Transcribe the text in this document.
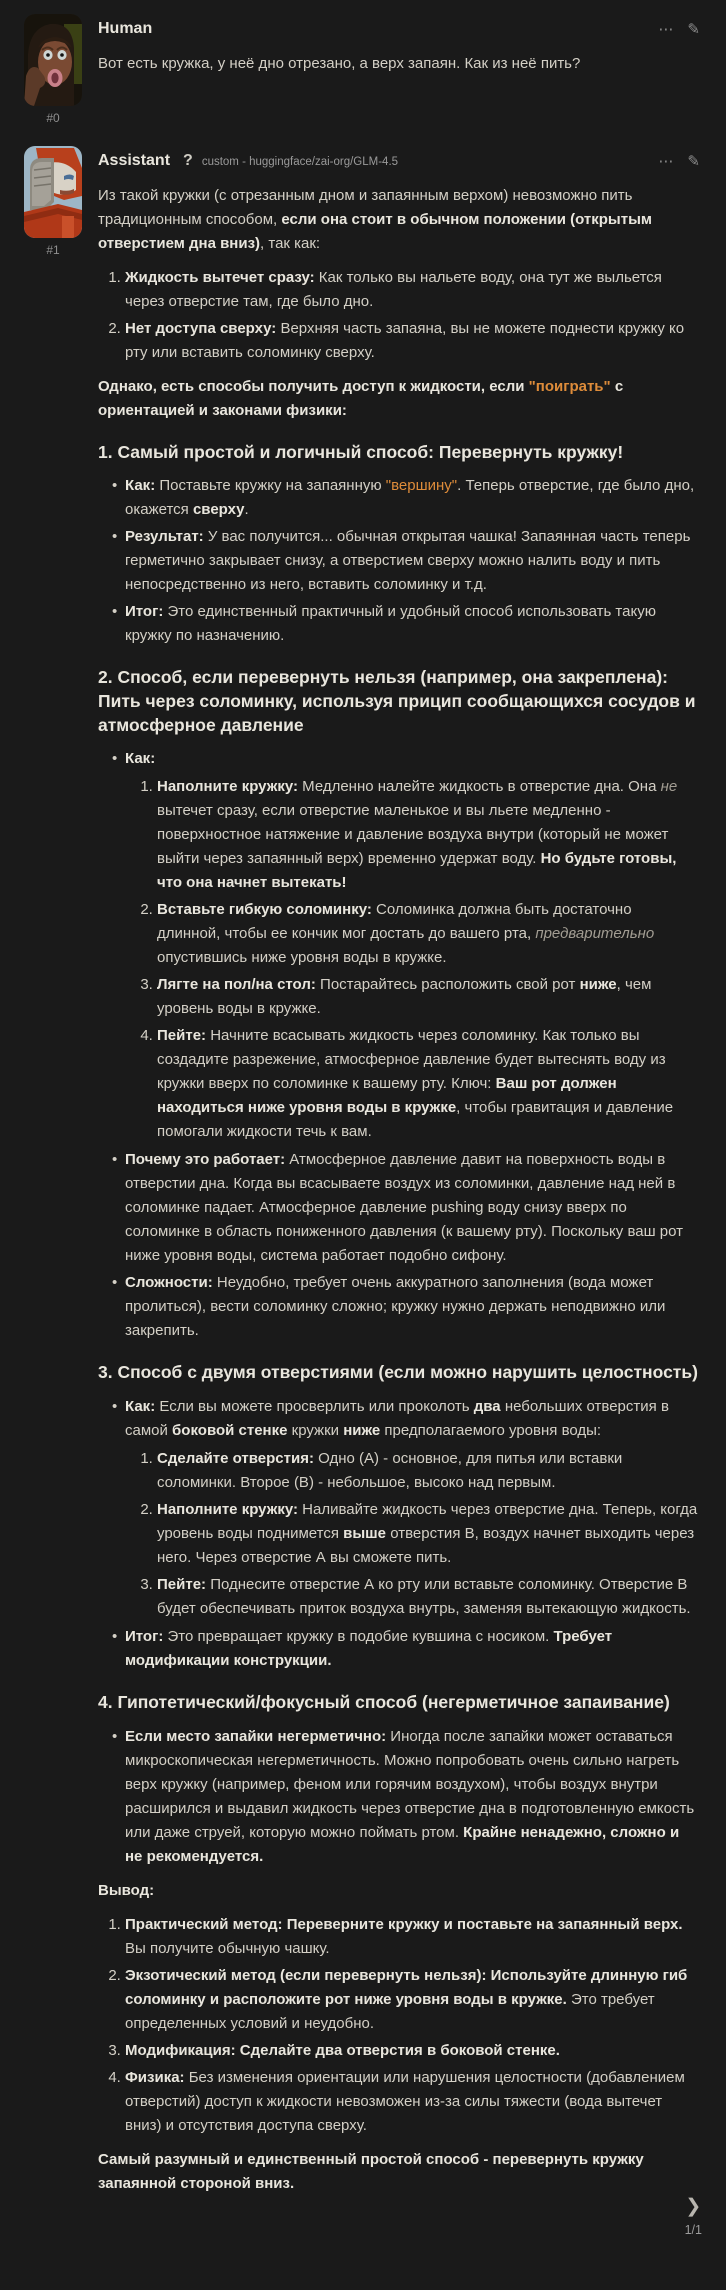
#0
Human

Вот есть кружка, у неё дно отрезано, а верх запаян. Как из неё пить?

⋯ ✎
#1
Assistant ? custom - huggingface/zai-org/GLM-4.5

Из такой кружки (с отрезанным дном и запаянным верхом) невозможно пить традиционным способом, если она стоит в обычном положении (открытым отверстием дна вниз), так как:

1. Жидкость вытечет сразу: Как только вы нальете воду, она тут же выльется через отверстие там, где было дно.
2. Нет доступа сверху: Верхняя часть запаяна, вы не можете поднести кружку ко рту или вставить соломинку сверху.

Однако, есть способы получить доступ к жидкости, если "поиграть" с ориентацией и законами физики:

1. Самый простой и логичный способ: Перевернуть кружку!
• Как: Поставьте кружку на запаянную "вершину". Теперь отверстие, где было дно, окажется сверху.
• Результат: У вас получится... обычная открытая чашка! Запаянная часть теперь герметично закрывает снизу, а отверстием сверху можно налить воду и пить непосредственно из него, вставить соломинку и т.д.
• Итог: Это единственный практичный и удобный способ использовать такую кружку по назначению.
2. Способ, если перевернуть нельзя (например, она закреплена): Пить через соломинку, используя прицип сообщающихся сосудов и атмосферное давление
• Как:
1. Наполните кружку: Медленно налейте жидкость в отверстие дна. Она не вытечет сразу, если отверстие маленькое и вы льете медленно - поверхностное натяжение и давление воздуха внутри (который не может выйти через запаянный верх) временно удержат воду. Но будьте готовы, что она начнет вытекать!
2. Вставьте гибкую соломинку: Соломинка должна быть достаточно длинной, чтобы ее кончик мог достать до вашего рта, предварительно опустившись ниже уровня воды в кружке.
3. Лягте на пол/на стол: Постарайтесь расположить свой рот ниже, чем уровень воды в кружке.
4. Пейте: Начните всасывать жидкость через соломинку. Как только вы создадите разрежение, атмосферное давление будет вытеснять воду из кружки вверх по соломинке к вашему рту. Ключ: Ваш рот должен находиться ниже уровня воды в кружке, чтобы гравитация и давление помогали жидкости течь к вам.
• Почему это работает: Атмосферное давление давит на поверхность воды в отверстии дна. Когда вы всасываете воздух из соломинки, давление над ней в соломинке падает. Атмосферное давление pushing воду снизу вверх по соломинке в область пониженного давления (к вашему рту). Поскольку ваш рот ниже уровня воды, система работает подобно сифону.
• Сложности: Неудобно, требует очень аккуратного заполнения (вода может пролиться), вести соломинку сложно; кружку нужно держать неподвижно или закрепить.
3. Способ с двумя отверстиями (если можно нарушить целостность)
• Как: Если вы можете просверлить или проколоть два небольших отверстия в самой боковой стенке кружки ниже предполагаемого уровня воды:
1. Сделайте отверстия: Одно (А) - основное, для питья или вставки соломинки. Второе (В) - небольшое, высоко над первым.
2. Наполните кружку: Наливайте жидкость через отверстие дна. Теперь, когда уровень воды поднимется выше отверстия В, воздух начнет выходить через него. Через отверстие А вы сможете пить.
3. Пейте: Поднесите отверстие А ко рту или вставьте соломинку. Отверстие В будет обеспечивать приток воздуха внутрь, заменяя вытекающую жидкость.
• Итог: Это превращает кружку в подобие кувшина с носиком. Требует модификации конструкции.
4. Гипотетический/фокусный способ (негерметичное запаивание)
• Если место запайки негерметично: Иногда после запайки может оставаться микроскопическая негерметичность. Можно попробовать очень сильно нагреть верх кружку (например, феном или горячим воздухом), чтобы воздух внутри расширился и выдавил жидкость через отверстие дна в подготовленную емкость или даже струей, которую можно поймать ртом. Крайне ненадежно, сложно и не рекомендуется.

Вывод:

1. Практический метод: Переверните кружку и поставьте на запаянный верх. Вы получите обычную чашку.
2. Экзотический метод (если перевернуть нельзя): Используйте длинную гиб соломинку и расположите рот ниже уровня воды в кружке. Это требует определенных условий и неудобно.
3. Модификация: Сделайте два отверстия в боковой стенке.
4. Физика: Без изменения ориентации или нарушения целостности (добавлением отверстий) доступ к жидкости невозможен из-за силы тяжести (вода вытечет вниз) и отсутствия доступа сверху.

Самый разумный и единственный простой способ - перевернуть кружку запаянной стороной вниз.

⋯ ✎
❯
1/1
